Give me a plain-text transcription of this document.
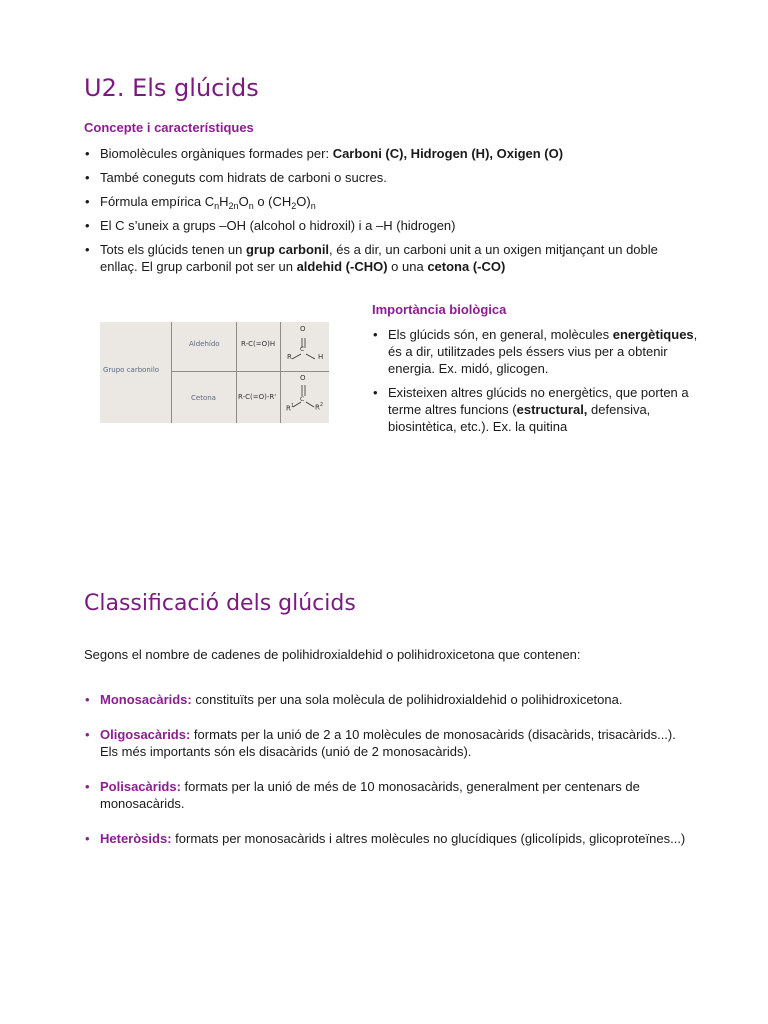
U2. Els glúcids
Concepte i característiques
• Biomolècules orgàniques formades per: Carboni (C), Hidrogen (H), Oxigen (O)
• També coneguts com hidrats de carboni o sucres.
• Fórmula empírica $C_nH_{2n}O_n$ o $(CH_2O)_n$
• El C s’uneix a grups –OH (alcohol o hidroxil) i a –H (hidrogen)
• Tots els glúcids tenen un grup carbonil, és a dir, un carboni unit a un oxigen mitjançant un doble enllaç. El grup carbonil pot ser un aldehid (-CHO) o una cetona (-CO)
Importància biològica
• Els glúcids són, en general, molècules energètiques, és a dir, utilitzades pels éssers vius per a obtenir energia. Ex. midó, glicogen.
• Existeixen altres glúcids no energètics, que porten a terme altres funcions (estructural, defensiva, biosintètica, etc.). Ex. la quitina
Grupo carbonilo
Aldehído	R-C(=O)H
Cetona	R-C(=O)-R'
O
C
R	H
O
C
$R^1$	$R^2$
Classificació dels glúcids

Segons el nombre de cadenes de polihidroxialdehid o polihidroxicetona que contenen:

• Monosacàrids: constituïts per una sola molècula de polihidroxialdehid o polihidroxicetona.
• Oligosacàrids: formats per la unió de 2 a 10 molècules de monosacàrids (disacàrids, trisacàrids...). Els més importants són els disacàrids (unió de 2 monosacàrids).
• Polisacàrids: formats per la unió de més de 10 monosacàrids, generalment per centenars de monosacàrids.
• Heteròsids: formats per monosacàrids i altres molècules no glucídiques (glicolípids, glicoproteïnes...)
